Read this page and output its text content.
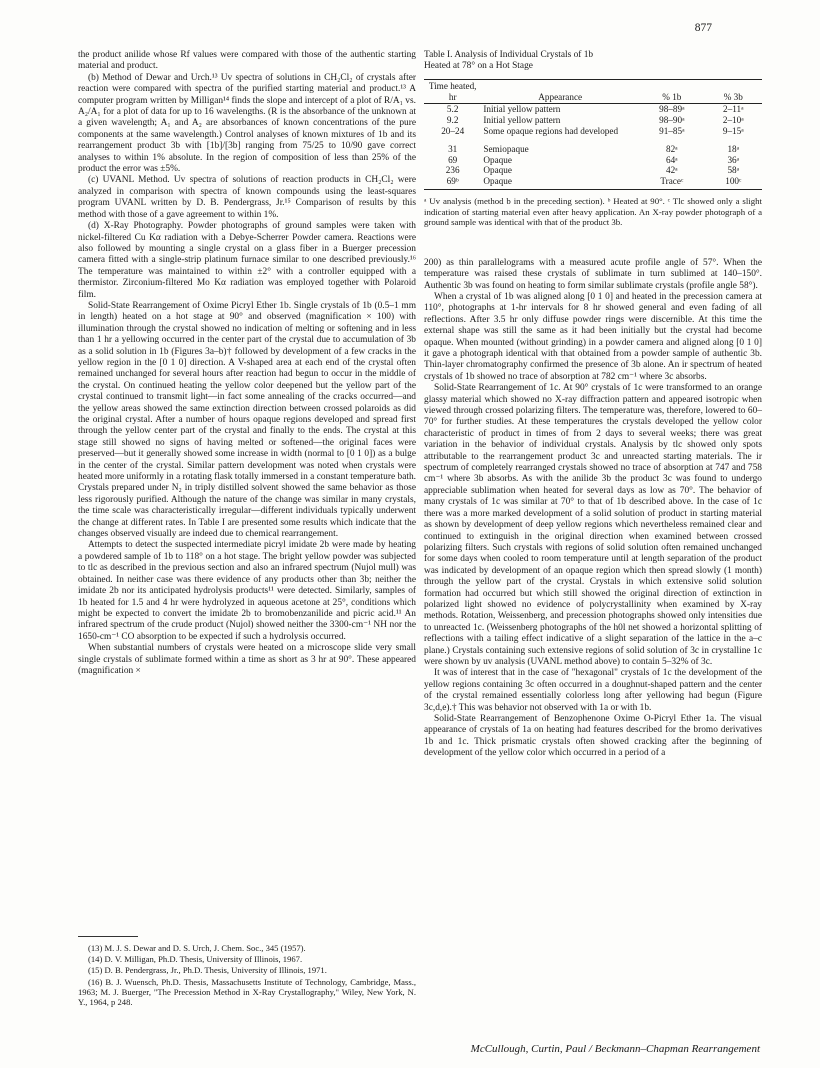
877

the product anilide whose Rf values were compared with those of the authentic starting material and product.

(b) Method of Dewar and Urch.¹³ Uv spectra of solutions in CH₂Cl₂ of crystals after reaction were compared with spectra of the purified starting material and product.¹³ A computer program written by Milligan¹⁴ finds the slope and intercept of a plot of R/A₁ vs. A₂/A₁ for a plot of data for up to 16 wavelengths. (R is the absorbance of the unknown at a given wavelength; A₁ and A₂ are absorbances of known concentrations of the pure components at the same wavelength.) Control analyses of known mixtures of 1b and its rearrangement product 3b with [1b]/[3b] ranging from 75/25 to 10/90 gave correct analyses to within 1% absolute. In the region of composition of less than 25% of the product the error was ±5%.

(c) UVANL Method. Uv spectra of solutions of reaction products in CH₂Cl₂ were analyzed in comparison with spectra of known compounds using the least-squares program UVANL written by D. B. Pendergrass, Jr.¹⁵ Comparison of results by this method with those of a gave agreement to within 1%.

(d) X-Ray Photography. Powder photographs of ground samples were taken with nickel-filtered Cu Kα radiation with a Debye-Scherrer Powder camera. Reactions were also followed by mounting a single crystal on a glass fiber in a Buerger precession camera fitted with a single-strip platinum furnace similar to one described previously.¹⁶ The temperature was maintained to within ±2° with a controller equipped with a thermistor. Zirconium-filtered Mo Kα radiation was employed together with Polaroid film.

Solid-State Rearrangement of Oxime Picryl Ether 1b. Single crystals of 1b (0.5–1 mm in length) heated on a hot stage at 90° and observed (magnification × 100) with illumination through the crystal showed no indication of melting or softening and in less than 1 hr a yellowing occurred in the center part of the crystal due to accumulation of 3b as a solid solution in 1b (Figures 3a–b)† followed by development of a few cracks in the yellow region in the [0 1 0] direction. A V-shaped area at each end of the crystal often remained unchanged for several hours after reaction had begun to occur in the middle of the crystal. On continued heating the yellow color deepened but the yellow part of the crystal continued to transmit light—in fact some annealing of the cracks occurred—and the yellow areas showed the same extinction direction between crossed polaroids as did the original crystal. After a number of hours opaque regions developed and spread first through the yellow center part of the crystal and finally to the ends. The crystal at this stage still showed no signs of having melted or softened—the original faces were preserved—but it generally showed some increase in width (normal to [0 1 0]) as a bulge in the center of the crystal. Similar pattern development was noted when crystals were heated more uniformly in a rotating flask totally immersed in a constant temperature bath. Crystals prepared under N₂ in triply distilled solvent showed the same behavior as those less rigorously purified. Although the nature of the change was similar in many crystals, the time scale was characteristically irregular—different individuals typically underwent the change at different rates. In Table I are presented some results which indicate that the changes observed visually are indeed due to chemical rearrangement.

Attempts to detect the suspected intermediate picryl imidate 2b were made by heating a powdered sample of 1b to 118° on a hot stage. The bright yellow powder was subjected to tlc as described in the previous section and also an infrared spectrum (Nujol mull) was obtained. In neither case was there evidence of any products other than 3b; neither the imidate 2b nor its anticipated hydrolysis products¹¹ were detected. Similarly, samples of 1b heated for 1.5 and 4 hr were hydrolyzed in aqueous acetone at 25°, conditions which might be expected to convert the imidate 2b to bromobenzanilide and picric acid.¹¹ An infrared spectrum of the crude product (Nujol) showed neither the 3300-cm⁻¹ NH nor the 1650-cm⁻¹ CO absorption to be expected if such a hydrolysis occurred.

When substantial numbers of crystals were heated on a microscope slide very small single crystals of sublimate formed within a time as short as 3 hr at 90°. These appeared (magnification ×

(13) M. J. S. Dewar and D. S. Urch, J. Chem. Soc., 345 (1957).

(14) D. V. Milligan, Ph.D. Thesis, University of Illinois, 1967.

(15) D. B. Pendergrass, Jr., Ph.D. Thesis, University of Illinois, 1971.

(16) B. J. Wuensch, Ph.D. Thesis, Massachusetts Institute of Technology, Cambridge, Mass., 1963; M. J. Buerger, "The Precession Method in X-Ray Crystallography," Wiley, New York, N. Y., 1964, p 248.

Table I. Analysis of Individual Crystals of 1b
Heated at 78° on a Hot Stage
Time heated, hr	Appearance	% 1b	% 3b
5.2	Initial yellow pattern	98–89ᵃ	2–11ᵃ
9.2	Initial yellow pattern	98–90ᵃ	2–10ᵃ
20–24	Some opaque regions had developed	91–85ᵃ	9–15ᵃ
31	Semiopaque	82ᵃ	18ᵃ
69	Opaque	64ᵃ	36ᵃ
236	Opaque	42ᵃ	58ᵃ
69ᵇ	Opaque	Traceᶜ	100ᶜ
ᵃ Uv analysis (method b in the preceding section). ᵇ Heated at 90°. ᶜ Tlc showed only a slight indication of starting material even after heavy application. An X-ray powder photograph of a ground sample was identical with that of the product 3b.

200) as thin parallelograms with a measured acute profile angle of 57°. When the temperature was raised these crystals of sublimate in turn sublimed at 140–150°. Authentic 3b was found on heating to form similar sublimate crystals (profile angle 58°).

When a crystal of 1b was aligned along [0 1 0] and heated in the precession camera at 110°, photographs at 1-hr intervals for 8 hr showed general and even fading of all reflections. After 3.5 hr only diffuse powder rings were discernible. At this time the external shape was still the same as it had been initially but the crystal had become opaque. When mounted (without grinding) in a powder camera and aligned along [0 1 0] it gave a photograph identical with that obtained from a powder sample of authentic 3b. Thin-layer chromatography confirmed the presence of 3b alone. An ir spectrum of heated crystals of 1b showed no trace of absorption at 782 cm⁻¹ where 3c absorbs.

Solid-State Rearrangement of 1c. At 90° crystals of 1c were transformed to an orange glassy material which showed no X-ray diffraction pattern and appeared isotropic when viewed through crossed polarizing filters. The temperature was, therefore, lowered to 60–70° for further studies. At these temperatures the crystals developed the yellow color characteristic of product in times of from 2 days to several weeks; there was great variation in the behavior of individual crystals. Analysis by tlc showed only spots attributable to the rearrangement product 3c and unreacted starting materials. The ir spectrum of completely rearranged crystals showed no trace of absorption at 747 and 758 cm⁻¹ where 3b absorbs. As with the anilide 3b the product 3c was found to undergo appreciable sublimation when heated for several days as low as 70°. The behavior of many crystals of 1c was similar at 70° to that of 1b described above. In the case of 1c there was a more marked development of a solid solution of product in starting material as shown by development of deep yellow regions which nevertheless remained clear and continued to extinguish in the original direction when examined between crossed polarizing filters. Such crystals with regions of solid solution often remained unchanged for some days when cooled to room temperature until at length separation of the product was indicated by development of an opaque region which then spread slowly (1 month) through the yellow part of the crystal. Crystals in which extensive solid solution formation had occurred but which still showed the original direction of extinction in polarized light showed no evidence of polycrystallinity when examined by X-ray methods. Rotation, Weissenberg, and precession photographs showed only intensities due to unreacted 1c. (Weissenberg photographs of the h0l net showed a horizontal splitting of reflections with a tailing effect indicative of a slight separation of the lattice in the a–c plane.) Crystals containing such extensive regions of solid solution of 3c in crystalline 1c were shown by uv analysis (UVANL method above) to contain 5–32% of 3c.

It was of interest that in the case of "hexagonal" crystals of 1c the development of the yellow regions containing 3c often occurred in a doughnut-shaped pattern and the center of the crystal remained essentially colorless long after yellowing had begun (Figure 3c,d,e).† This was behavior not observed with 1a or with 1b.

Solid-State Rearrangement of Benzophenone Oxime O-Picryl Ether 1a. The visual appearance of crystals of 1a on heating had features described for the bromo derivatives 1b and 1c. Thick prismatic crystals often showed cracking after the beginning of development of the yellow color which occurred in a period of a

McCullough, Curtin, Paul / Beckmann–Chapman Rearrangement
